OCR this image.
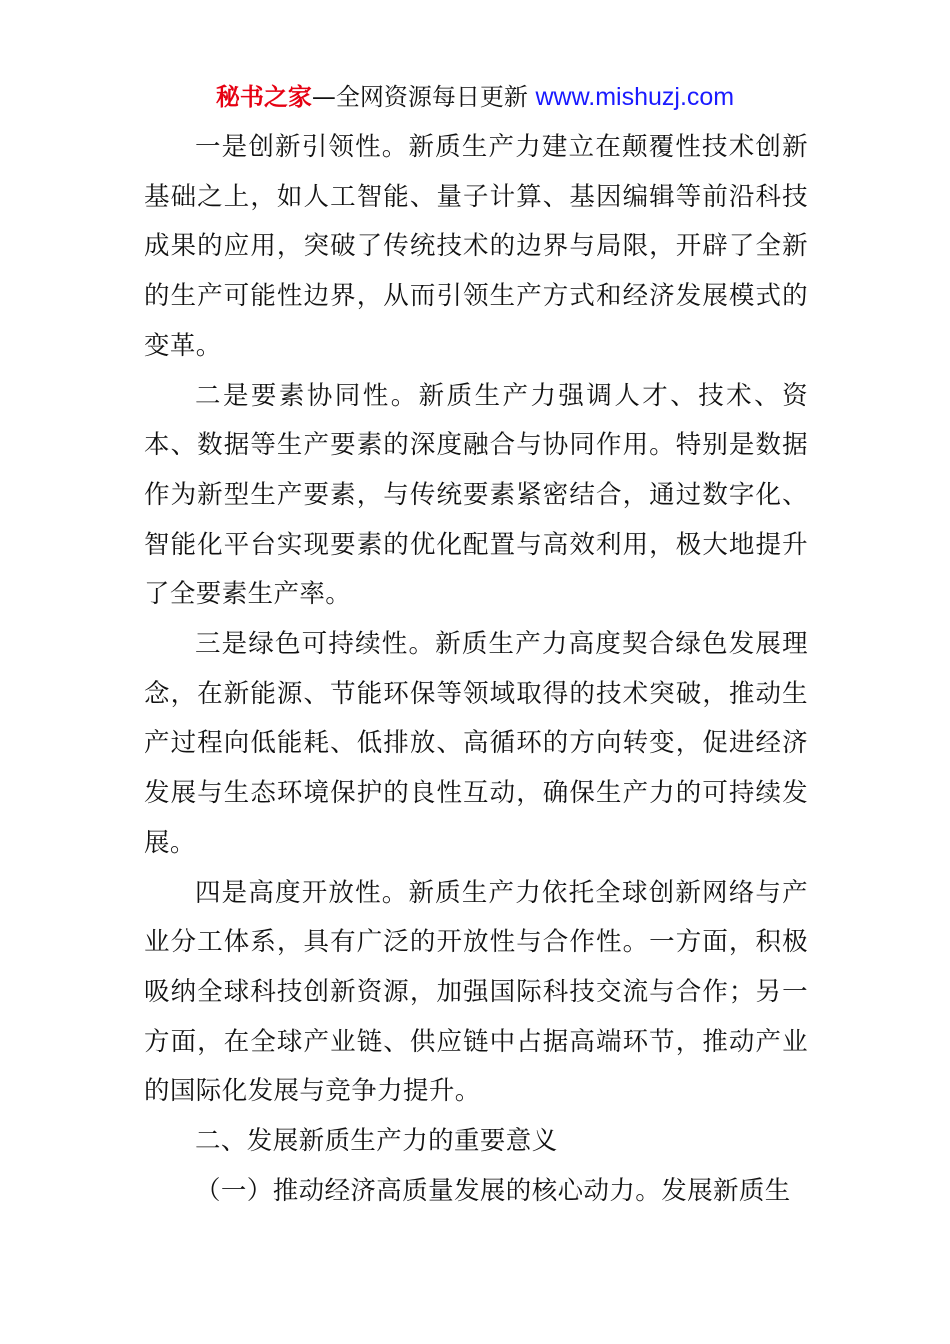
秘书之家—全网资源每日更新 www.mishuzj.com

一是创新引领性。新质生产力建立在颠覆性技术创新基础之上，如人工智能、量子计算、基因编辑等前沿科技成果的应用，突破了传统技术的边界与局限，开辟了全新的生产可能性边界，从而引领生产方式和经济发展模式的变革。

二是要素协同性。新质生产力强调人才、技术、资本、数据等生产要素的深度融合与协同作用。特别是数据作为新型生产要素，与传统要素紧密结合，通过数字化、智能化平台实现要素的优化配置与高效利用，极大地提升了全要素生产率。

三是绿色可持续性。新质生产力高度契合绿色发展理念，在新能源、节能环保等领域取得的技术突破，推动生产过程向低能耗、低排放、高循环的方向转变，促进经济发展与生态环境保护的良性互动，确保生产力的可持续发展。

四是高度开放性。新质生产力依托全球创新网络与产业分工体系，具有广泛的开放性与合作性。一方面，积极吸纳全球科技创新资源，加强国际科技交流与合作；另一方面，在全球产业链、供应链中占据高端环节，推动产业的国际化发展与竞争力提升。

二、发展新质生产力的重要意义

（一）推动经济高质量发展的核心动力。发展新质生
